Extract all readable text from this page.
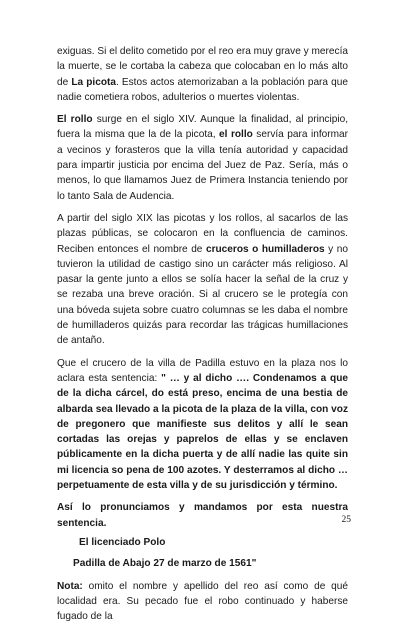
exiguas. Si el delito cometido por el reo era muy grave y merecía la muerte, se le cortaba la cabeza que colocaban en lo más alto de La picota. Estos actos atemorizaban a la población para que nadie cometiera robos, adulterios o muertes violentas.

El rollo surge en el siglo XIV. Aunque la finalidad, al principio, fuera la misma que la de la picota, el rollo servía para informar a vecinos y forasteros que la villa tenía autoridad y capacidad para impartir justicia por encima del Juez de Paz. Sería, más o menos, lo que llamamos Juez de Primera Instancia teniendo por lo tanto Sala de Audencia.

A partir del siglo XIX las picotas y los rollos, al sacarlos de las plazas públicas, se colocaron en la confluencia de caminos. Reciben entonces el nombre de cruceros o humilladeros y no tuvieron la utilidad de castigo sino un carácter más religioso. Al pasar la gente junto a ellos se solía hacer la señal de la cruz y se rezaba una breve oración. Si al crucero se le protegía con una bóveda sujeta sobre cuatro columnas se les daba el nombre de humilladeros quizás para recordar las trágicas humillaciones de antaño.

Que el crucero de la villa de Padilla estuvo en la plaza nos lo aclara esta sentencia: " … y al dicho …. Condenamos a que de la dicha cárcel, do está preso, encima de una bestia de albarda sea llevado a la picota de la plaza de la villa, con voz de pregonero que manifieste sus delitos y allí le sean cortadas las orejas y paprelos de ellas y se enclaven públicamente en la dicha puerta y de allí nadie las quite sin mi licencia so pena de 100 azotes. Y desterramos al dicho … perpetuamente de esta villa y de su jurisdicción y término.

Así lo pronunciamos y mandamos por esta nuestra sentencia.

El licenciado Polo

Padilla de Abajo 27 de marzo de 1561"

Nota: omito el nombre y apellido del reo así como de qué localidad era. Su pecado fue el robo continuado y haberse fugado de la

25
